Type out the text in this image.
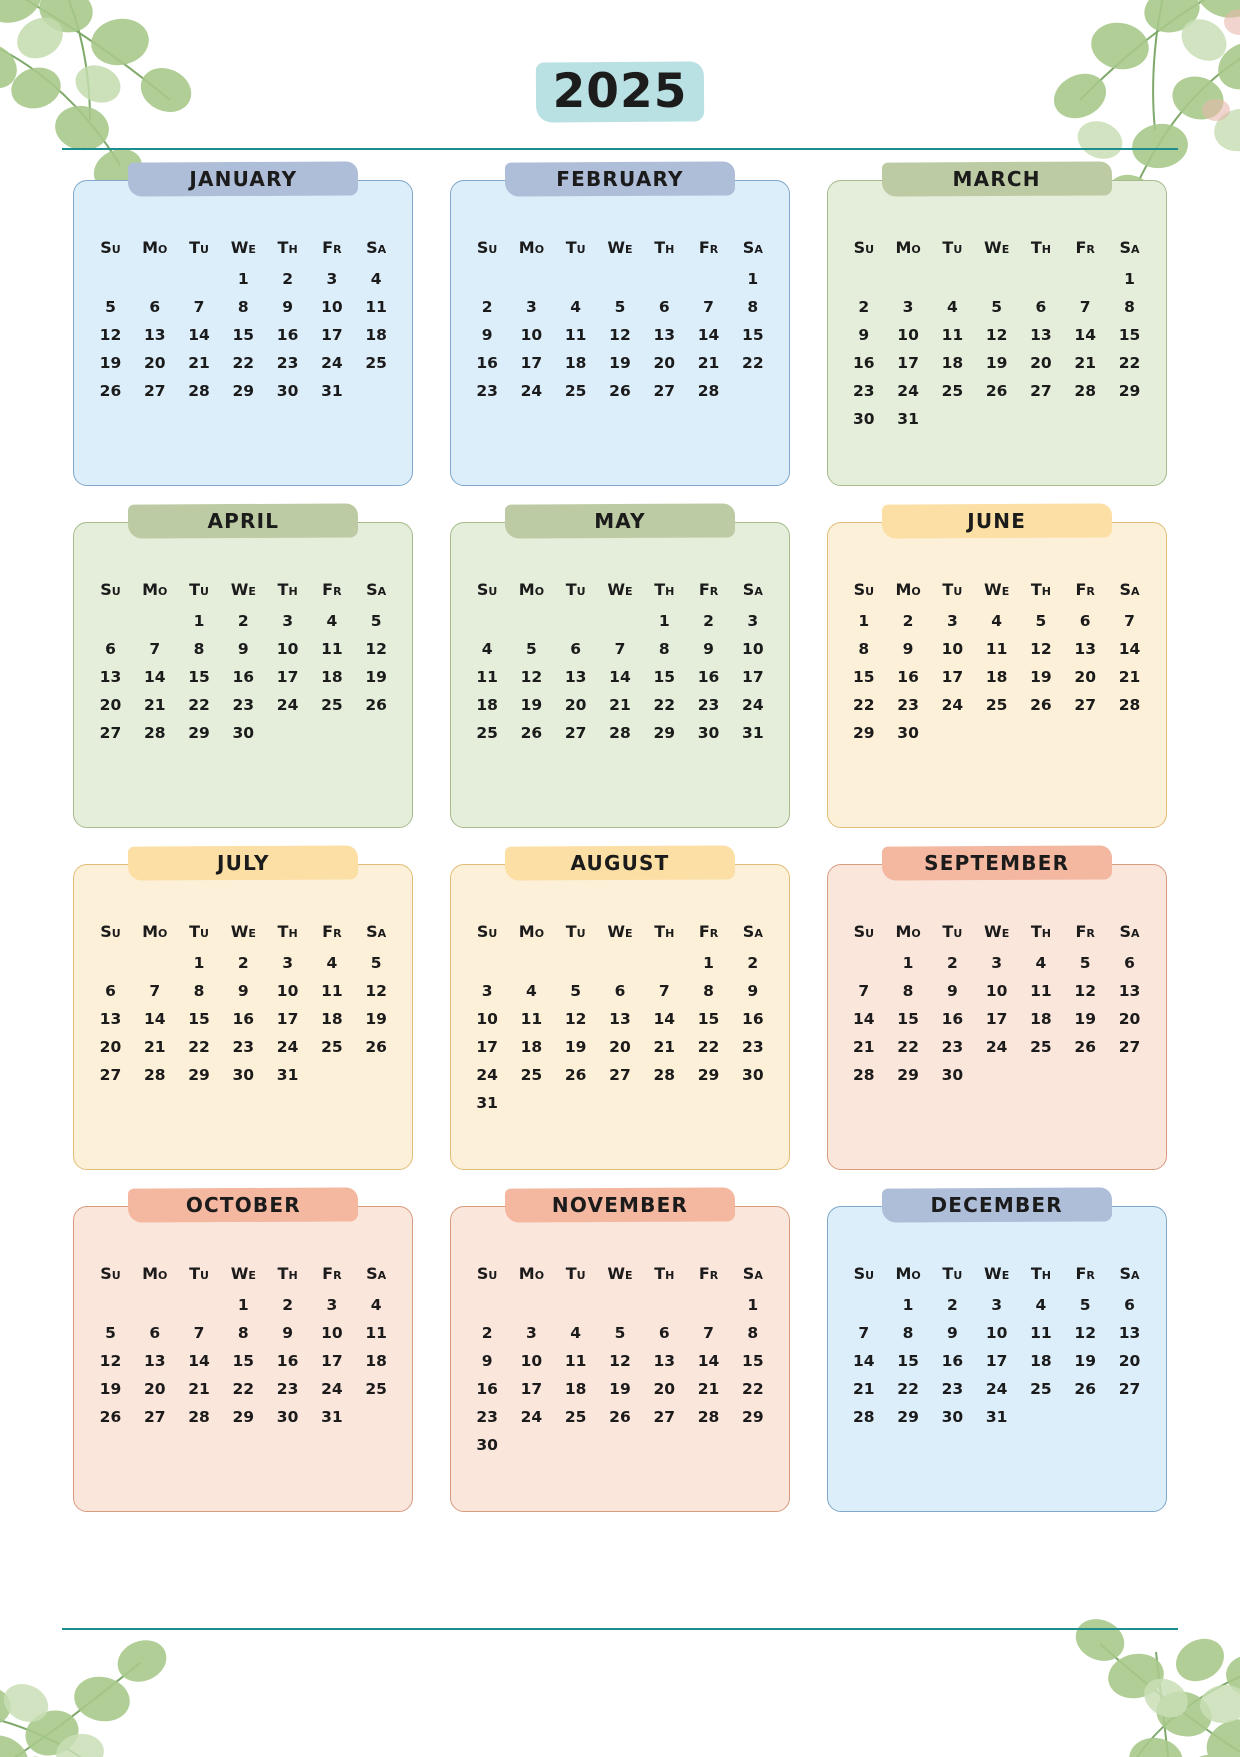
2025
Su	Mo	Tu	We	Th	Fr	Sa
			1	2	3	4
5	6	7	8	9	10	11
12	13	14	15	16	17	18
19	20	21	22	23	24	25
26	27	28	29	30	31	
JANUARY
Su	Mo	Tu	We	Th	Fr	Sa
						1
2	3	4	5	6	7	8
9	10	11	12	13	14	15
16	17	18	19	20	21	22
23	24	25	26	27	28	
FEBRUARY
Su	Mo	Tu	We	Th	Fr	Sa
						1
2	3	4	5	6	7	8
9	10	11	12	13	14	15
16	17	18	19	20	21	22
23	24	25	26	27	28	29
30	31					
MARCH
Su	Mo	Tu	We	Th	Fr	Sa
		1	2	3	4	5
6	7	8	9	10	11	12
13	14	15	16	17	18	19
20	21	22	23	24	25	26
27	28	29	30			
APRIL
Su	Mo	Tu	We	Th	Fr	Sa
				1	2	3
4	5	6	7	8	9	10
11	12	13	14	15	16	17
18	19	20	21	22	23	24
25	26	27	28	29	30	31
MAY
Su	Mo	Tu	We	Th	Fr	Sa
1	2	3	4	5	6	7
8	9	10	11	12	13	14
15	16	17	18	19	20	21
22	23	24	25	26	27	28
29	30					
JUNE
Su	Mo	Tu	We	Th	Fr	Sa
		1	2	3	4	5
6	7	8	9	10	11	12
13	14	15	16	17	18	19
20	21	22	23	24	25	26
27	28	29	30	31		
JULY
Su	Mo	Tu	We	Th	Fr	Sa
					1	2
3	4	5	6	7	8	9
10	11	12	13	14	15	16
17	18	19	20	21	22	23
24	25	26	27	28	29	30
31						
AUGUST
Su	Mo	Tu	We	Th	Fr	Sa
	1	2	3	4	5	6
7	8	9	10	11	12	13
14	15	16	17	18	19	20
21	22	23	24	25	26	27
28	29	30				
SEPTEMBER
Su	Mo	Tu	We	Th	Fr	Sa
			1	2	3	4
5	6	7	8	9	10	11
12	13	14	15	16	17	18
19	20	21	22	23	24	25
26	27	28	29	30	31	
OCTOBER
Su	Mo	Tu	We	Th	Fr	Sa
						1
2	3	4	5	6	7	8
9	10	11	12	13	14	15
16	17	18	19	20	21	22
23	24	25	26	27	28	29
30						
NOVEMBER
Su	Mo	Tu	We	Th	Fr	Sa
	1	2	3	4	5	6
7	8	9	10	11	12	13
14	15	16	17	18	19	20
21	22	23	24	25	26	27
28	29	30	31			
DECEMBER
